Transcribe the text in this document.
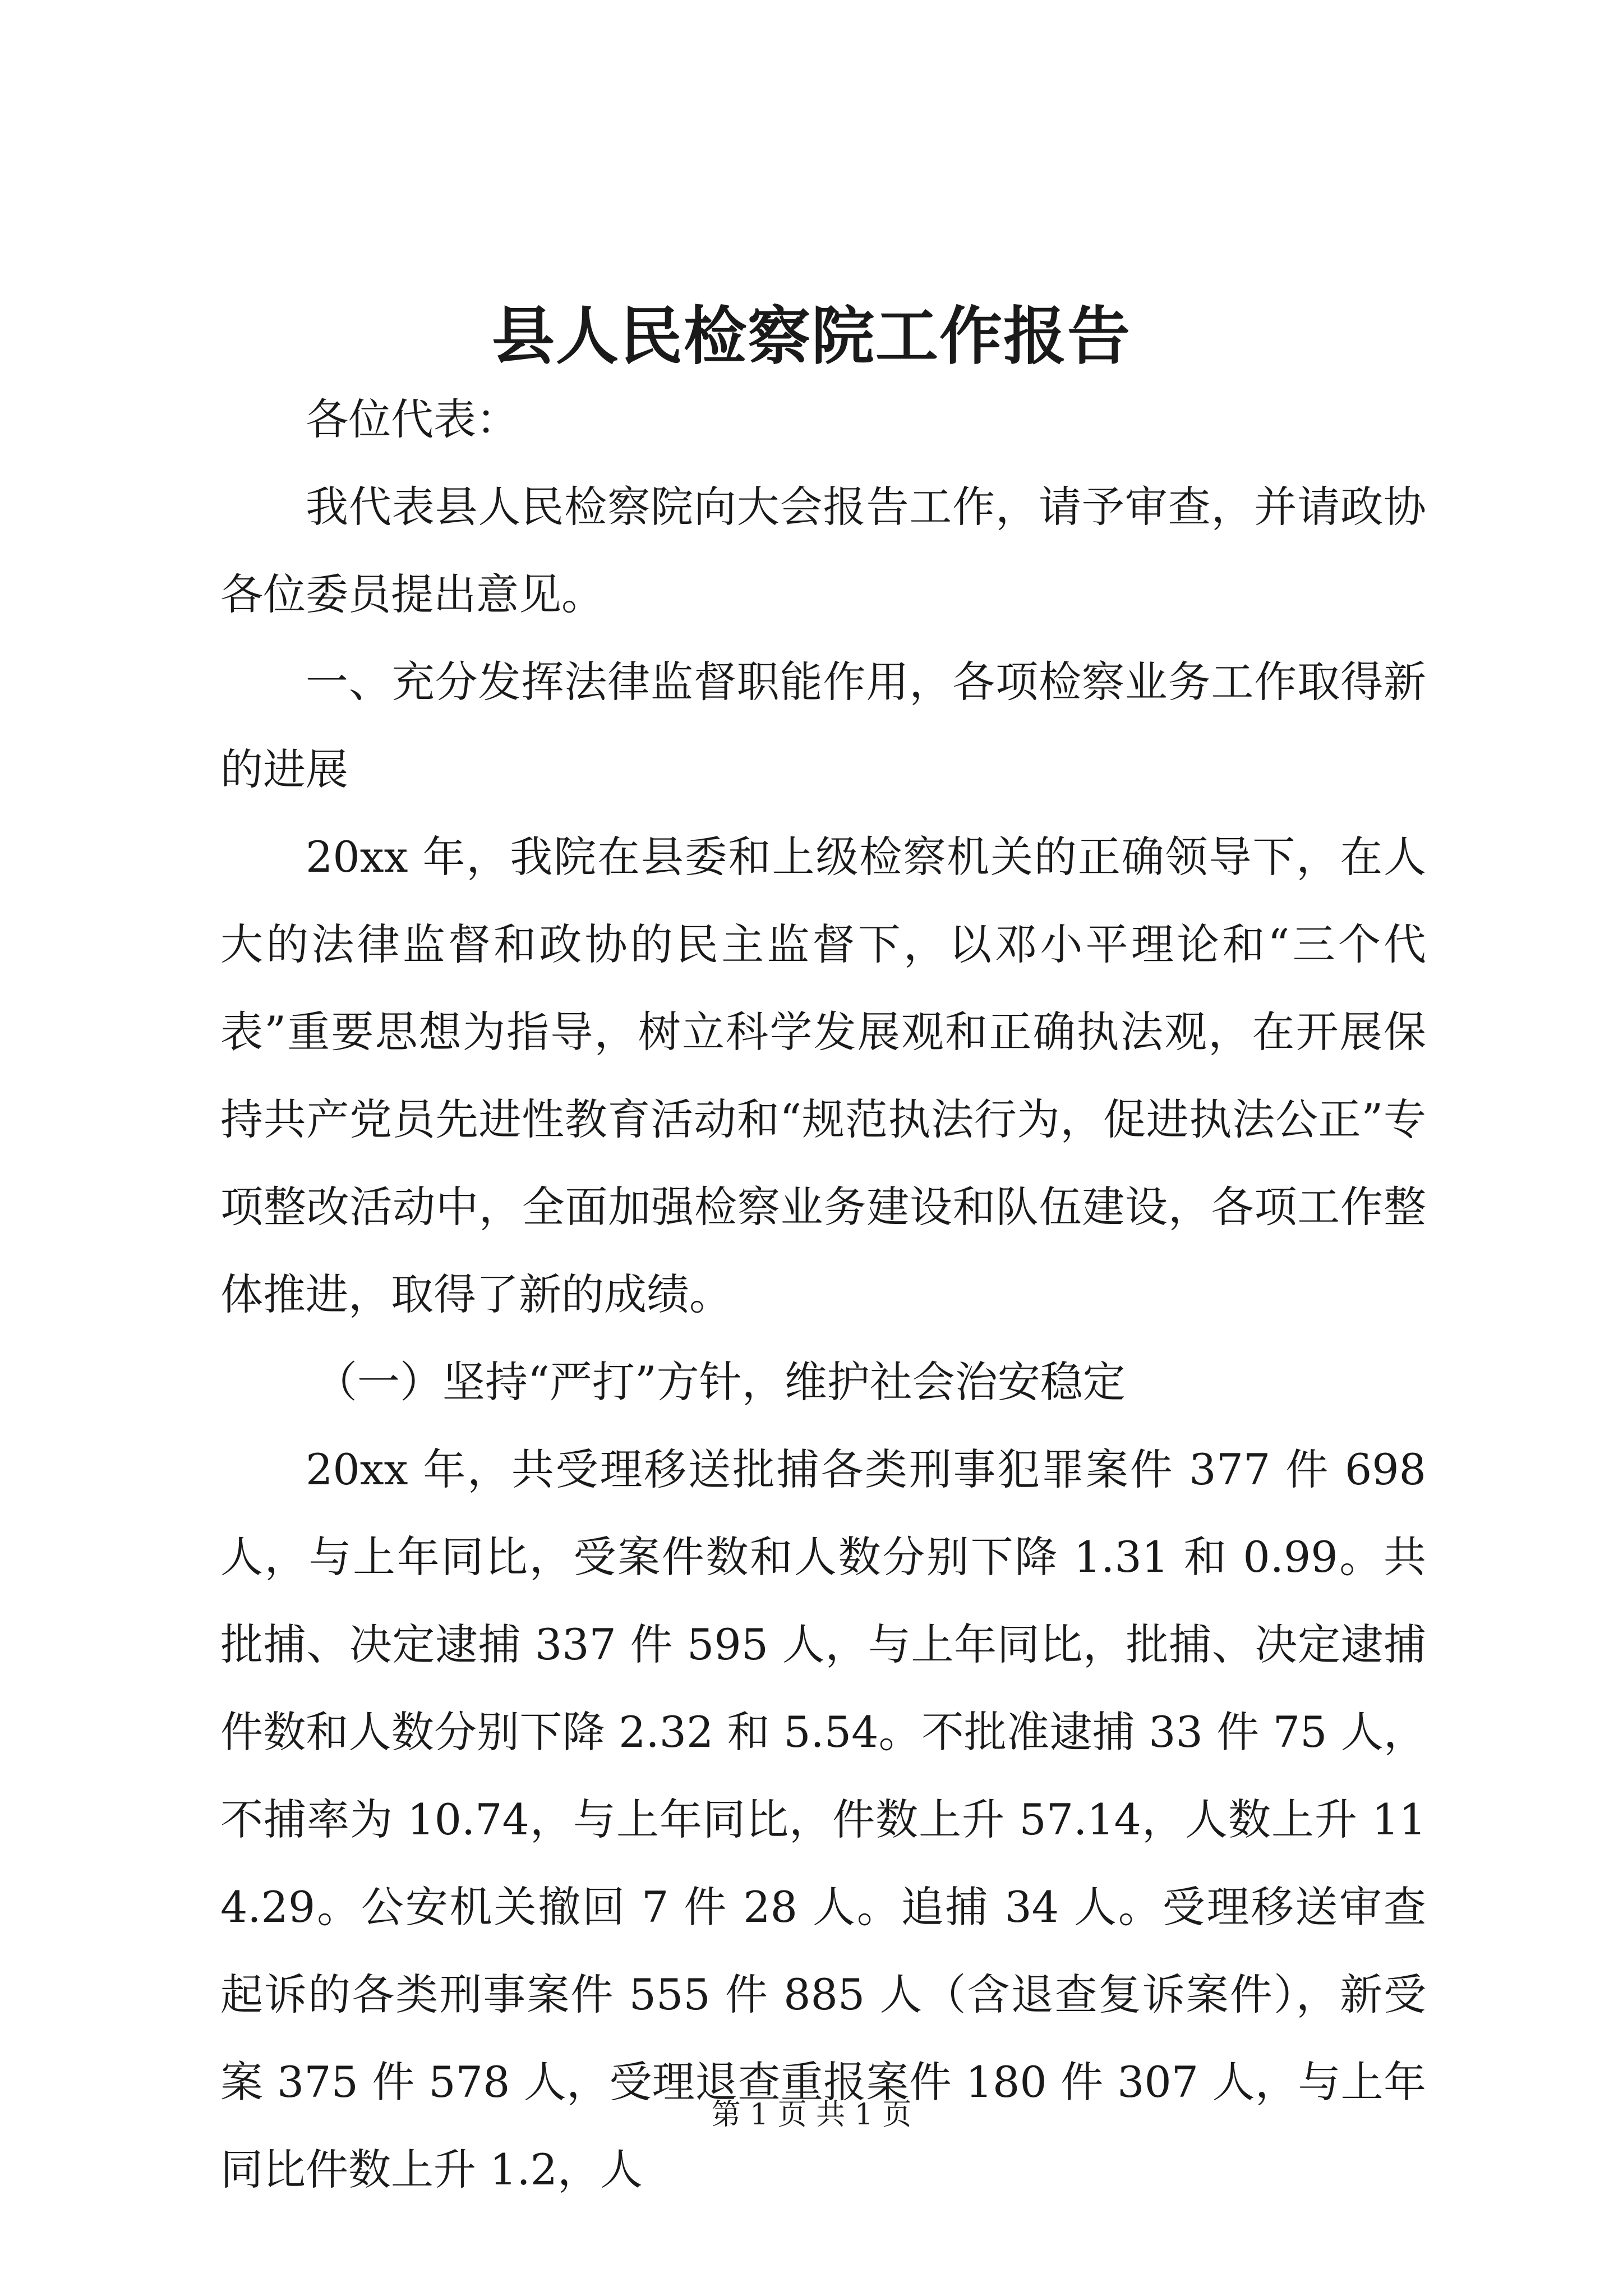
县人民检察院工作报告

各位代表：

我代表县人民检察院向大会报告工作，请予审查，并请政协各位委员提出意见。

一、充分发挥法律监督职能作用，各项检察业务工作取得新的进展

20xx 年，我院在县委和上级检察机关的正确领导下，在人大的法律监督和政协的民主监督下，以邓小平理论和“三个代表”重要思想为指导，树立科学发展观和正确执法观，在开展保持共产党员先进性教育活动和“规范执法行为，促进执法公正”专项整改活动中，全面加强检察业务建设和队伍建设，各项工作整体推进，取得了新的成绩。

（一）坚持“严打”方针，维护社会治安稳定

20xx 年，共受理移送批捕各类刑事犯罪案件 377 件 698 人，与上年同比，受案件数和人数分别下降 1.31 和 0.99。共批捕、决定逮捕 337 件 595 人，与上年同比，批捕、决定逮捕件数和人数分别下降 2.32 和 5.54。不批准逮捕 33 件 75 人，不捕率为 10.74，与上年同比，件数上升 57.14，人数上升 114.29。公安机关撤回 7 件 28 人。追捕 34 人。受理移送审查起诉的各类刑事案件 555 件 885 人（含退查复诉案件），新受案 375 件 578 人，受理退查重报案件 180 件 307 人，与上年同比件数上升 1.2，人

第 1 页 共 1 页
